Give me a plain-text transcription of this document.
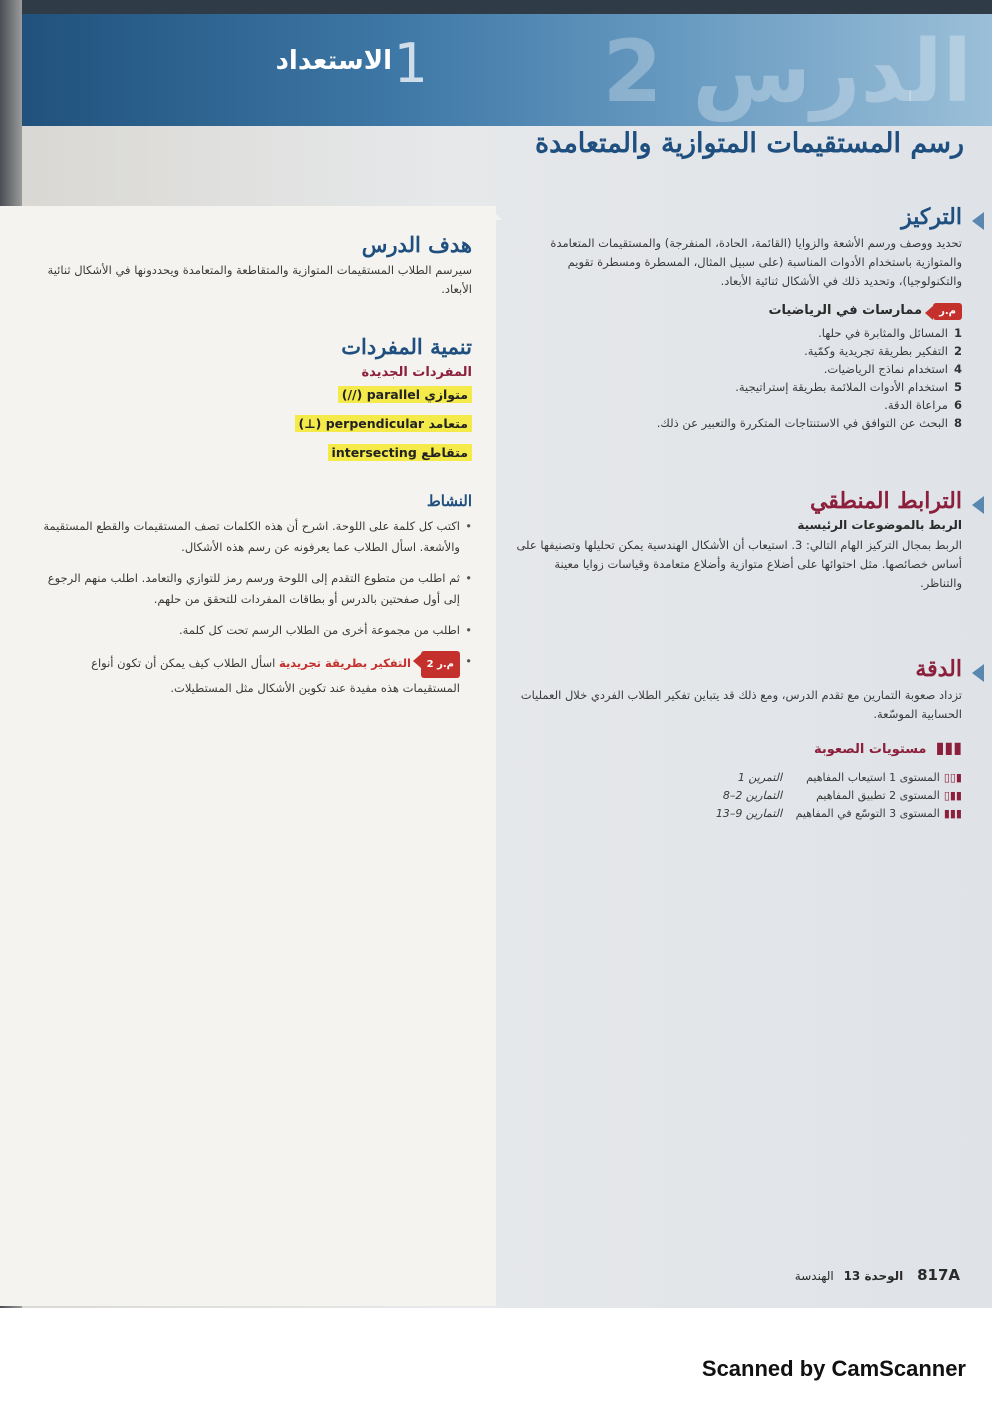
الدرس 2
1
الاستعداد
رسم المستقيمات المتوازية والمتعامدة
التركيز
تحديد ووصف ورسم الأشعة والزوايا (القائمة، الحادة، المنفرجة) والمستقيمات المتعامدة والمتوازية باستخدام الأدوات المناسبة (على سبيل المثال، المسطرة ومسطرة تقويم والتكنولوجيا)، وتحديد ذلك في الأشكال ثنائية الأبعاد.
م.ر ممارسات في الرياضيات
1المسائل والمثابرة في حلها.
2التفكير بطريقة تجريدية وكمّية.
4استخدام نماذج الرياضيات.
5استخدام الأدوات الملائمة بطريقة إستراتيجية.
6مراعاة الدقة.
8البحث عن التوافق في الاستنتاجات المتكررة والتعبير عن ذلك.
الترابط المنطقي
الربط بالموضوعات الرئيسية
الربط بمجال التركيز الهام التالي: 3. استيعاب أن الأشكال الهندسية يمكن تحليلها وتصنيفها على أساس خصائصها. مثل احتوائها على أضلاع متوازية وأضلاع متعامدة وقياسات زوايا معينة والتناظر.
الدقة
تزداد صعوبة التمارين مع تقدم الدرس، ومع ذلك قد يتباين تفكير الطلاب الفردي خلال العمليات الحسابية الموسّعة.
▮▮▮ مستويات الصعوبة
▮▯▯المستوى 1 استيعاب المفاهيم
التمرين 1
▮▮▯المستوى 2 تطبيق المفاهيم
التمارين 2–8
▮▮▮المستوى 3 التوسّع في المفاهيم
التمارين 9–13
هدف الدرس
سيرسم الطلاب المستقيمات المتوازية والمتقاطعة والمتعامدة ويحددونها في الأشكال ثنائية الأبعاد.
تنمية المفردات
المفردات الجديدة
متوازي parallel (//)
متعامد perpendicular (⊥)
متقاطع intersecting
النشاط
• اكتب كل كلمة على اللوحة. اشرح أن هذه الكلمات تصف المستقيمات والقطع المستقيمة والأشعة. اسأل الطلاب عما يعرفونه عن رسم هذه الأشكال.
• ثم اطلب من متطوع التقدم إلى اللوحة ورسم رمز للتوازي والتعامد. اطلب منهم الرجوع إلى أول صفحتين بالدرس أو بطاقات المفردات للتحقق من حلهم.
• اطلب من مجموعة أخرى من الطلاب الرسم تحت كل كلمة.
• م.ر 2 التفكير بطريقة تجريدية اسأل الطلاب كيف يمكن أن تكون أنواع المستقيمات هذه مفيدة عند تكوين الأشكال مثل المستطيلات.
817A الوحدة 13 الهندسة
Scanned by CamScanner
